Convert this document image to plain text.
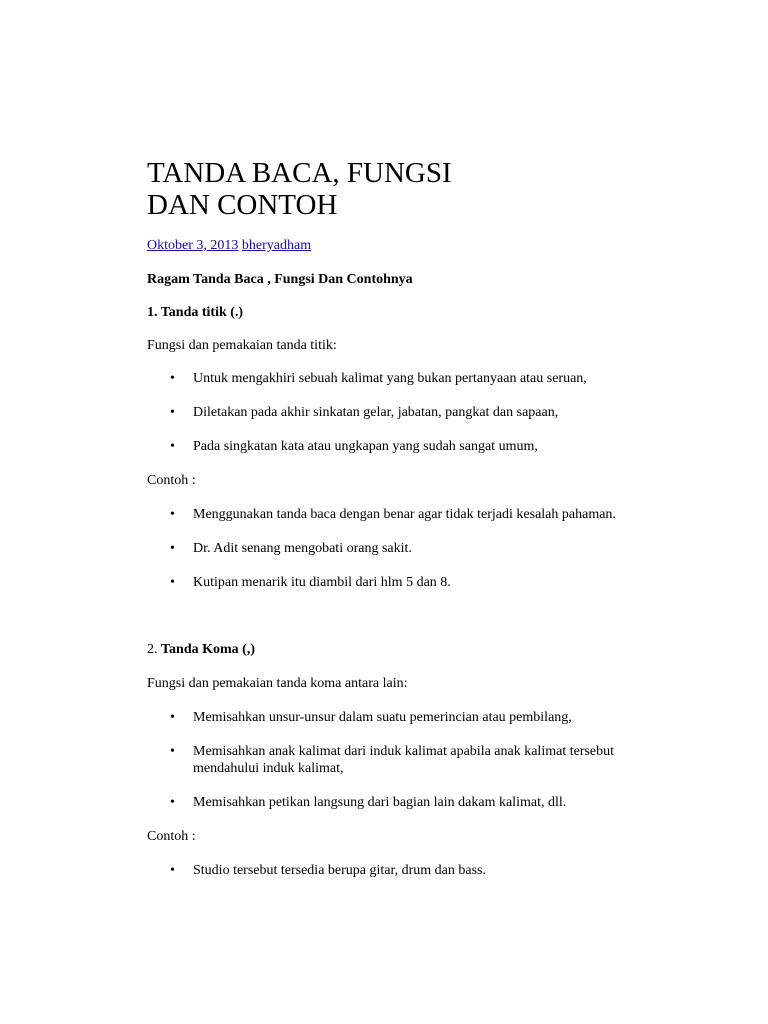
TANDA BACA, FUNGSI
DAN CONTOH
Oktober 3, 2013 bheryadham

Ragam Tanda Baca , Fungsi Dan Contohnya

1. Tanda titik (.)

Fungsi dan pemakaian tanda titik:

• Untuk mengakhiri sebuah kalimat yang bukan pertanyaan atau seruan,
• Diletakan pada akhir sinkatan gelar, jabatan, pangkat dan sapaan,
• Pada singkatan kata atau ungkapan yang sudah sangat umum,

Contoh :

• Menggunakan tanda baca dengan benar agar tidak terjadi kesalah pahaman.
• Dr. Adit senang mengobati orang sakit.
• Kutipan menarik itu diambil dari hlm 5 dan 8.

2. Tanda Koma (,)

Fungsi dan pemakaian tanda koma antara lain:

• Memisahkan unsur-unsur dalam suatu pemerincian atau pembilang,
• Memisahkan anak kalimat dari induk kalimat apabila anak kalimat tersebut mendahului induk kalimat,
• Memisahkan petikan langsung dari bagian lain dakam kalimat, dll.

Contoh :

• Studio tersebut tersedia berupa gitar, drum dan bass.
